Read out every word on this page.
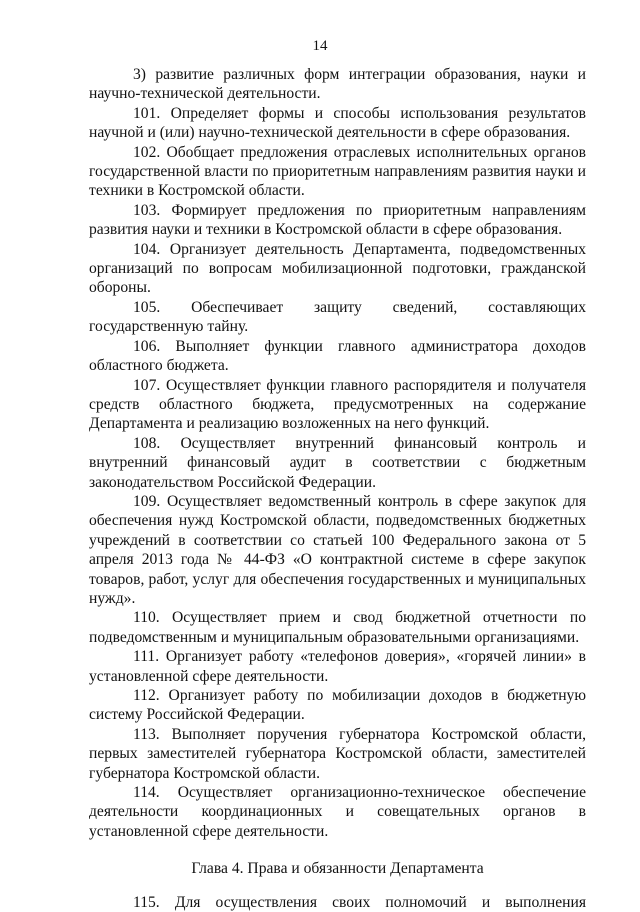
14

3) развитие различных форм интеграции образования, науки и научно-технической деятельности.

101. Определяет формы и способы использования результатов научной и (или) научно-технической деятельности в сфере образования.

102. Обобщает предложения отраслевых исполнительных органов государственной власти по приоритетным направлениям развития науки и техники в Костромской области.

103. Формирует предложения по приоритетным направлениям развития науки и техники в Костромской области в сфере образования.

104. Организует деятельность Департамента, подведомственных организаций по вопросам мобилизационной подготовки, гражданской обороны.

105. Обеспечивает защиту сведений, составляющих государственную тайну.

106. Выполняет функции главного администратора доходов областного бюджета.

107. Осуществляет функции главного распорядителя и получателя средств областного бюджета, предусмотренных на содержание Департамента и реализацию возложенных на него функций.

108. Осуществляет внутренний финансовый контроль и внутренний финансовый аудит в соответствии с бюджетным законодательством Российской Федерации.

109. Осуществляет ведомственный контроль в сфере закупок для обеспечения нужд Костромской области, подведомственных бюджетных учреждений в соответствии со статьей 100 Федерального закона от 5 апреля 2013 года № 44-ФЗ «О контрактной системе в сфере закупок товаров, работ, услуг для обеспечения государственных и муниципальных нужд».

110. Осуществляет прием и свод бюджетной отчетности по подведомственным и муниципальным образовательными организациями.

111. Организует работу «телефонов доверия», «горячей линии» в установленной сфере деятельности.

112. Организует работу по мобилизации доходов в бюджетную систему Российской Федерации.

113. Выполняет поручения губернатора Костромской области, первых заместителей губернатора Костромской области, заместителей губернатора Костромской области.

114. Осуществляет организационно-техническое обеспечение деятельности координационных и совещательных органов в установленной сфере деятельности.

Глава 4. Права и обязанности Департамента

115. Для осуществления своих полномочий и выполнения
